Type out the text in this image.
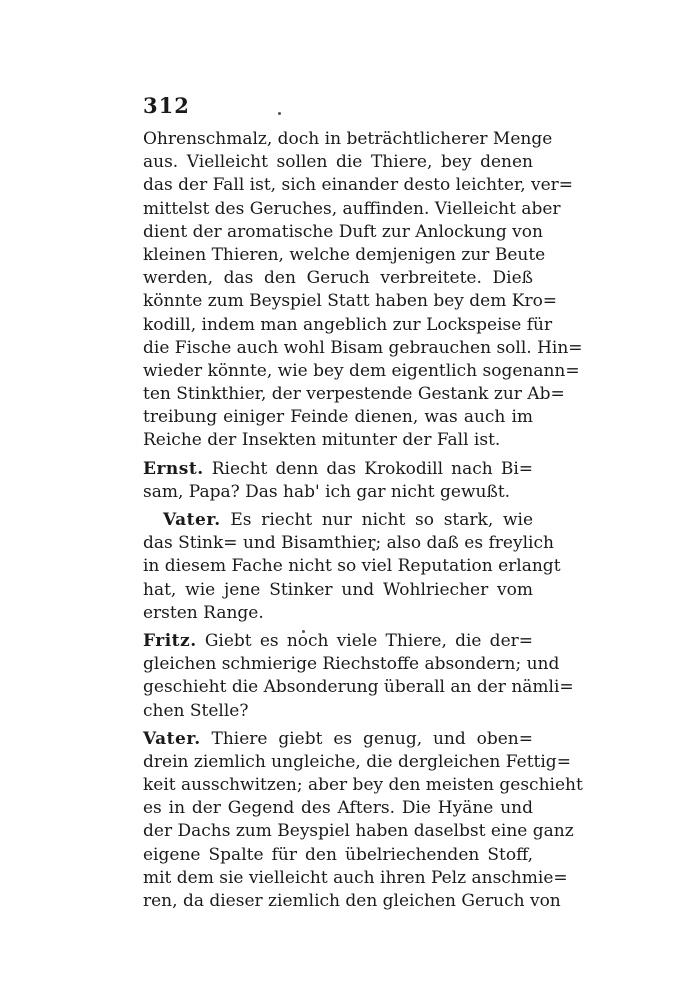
312
Ohrenschmalz, doch in beträchtlicherer Menge
aus. Vielleicht sollen die Thiere, bey denen
das der Fall ist, sich einander desto leichter, ver=
mittelst des Geruches, auffinden. Vielleicht aber
dient der aromatische Duft zur Anlockung von
kleinen Thieren, welche demjenigen zur Beute
werden, das den Geruch verbreitete. Dieß
könnte zum Beyspiel Statt haben bey dem Kro=
kodill, indem man angeblich zur Lockspeise für
die Fische auch wohl Bisam gebrauchen soll. Hin=
wieder könnte, wie bey dem eigentlich sogenann=
ten Stinkthier, der verpestende Gestank zur Ab=
treibung einiger Feinde dienen, was auch im
Reiche der Insekten mitunter der Fall ist.
Ernst. Riecht denn das Krokodill nach Bi=
sam, Papa? Das hab' ich gar nicht gewußt.
Vater. Es riecht nur nicht so stark, wie
das Stink= und Bisamthier; also daß es freylich
in diesem Fache nicht so viel Reputation erlangt
hat, wie jene Stinker und Wohlriecher vom
ersten Range.
Fritz. Giebt es noch viele Thiere, die der=
gleichen schmierige Riechstoffe absondern; und
geschieht die Absonderung überall an der nämli=
chen Stelle?
Vater. Thiere giebt es genug, und oben=
drein ziemlich ungleiche, die dergleichen Fettig=
keit ausschwitzen; aber bey den meisten geschieht
es in der Gegend des Afters. Die Hyäne und
der Dachs zum Beyspiel haben daselbst eine ganz
eigene Spalte für den übelriechenden Stoff,
mit dem sie vielleicht auch ihren Pelz anschmie=
ren, da dieser ziemlich den gleichen Geruch von
